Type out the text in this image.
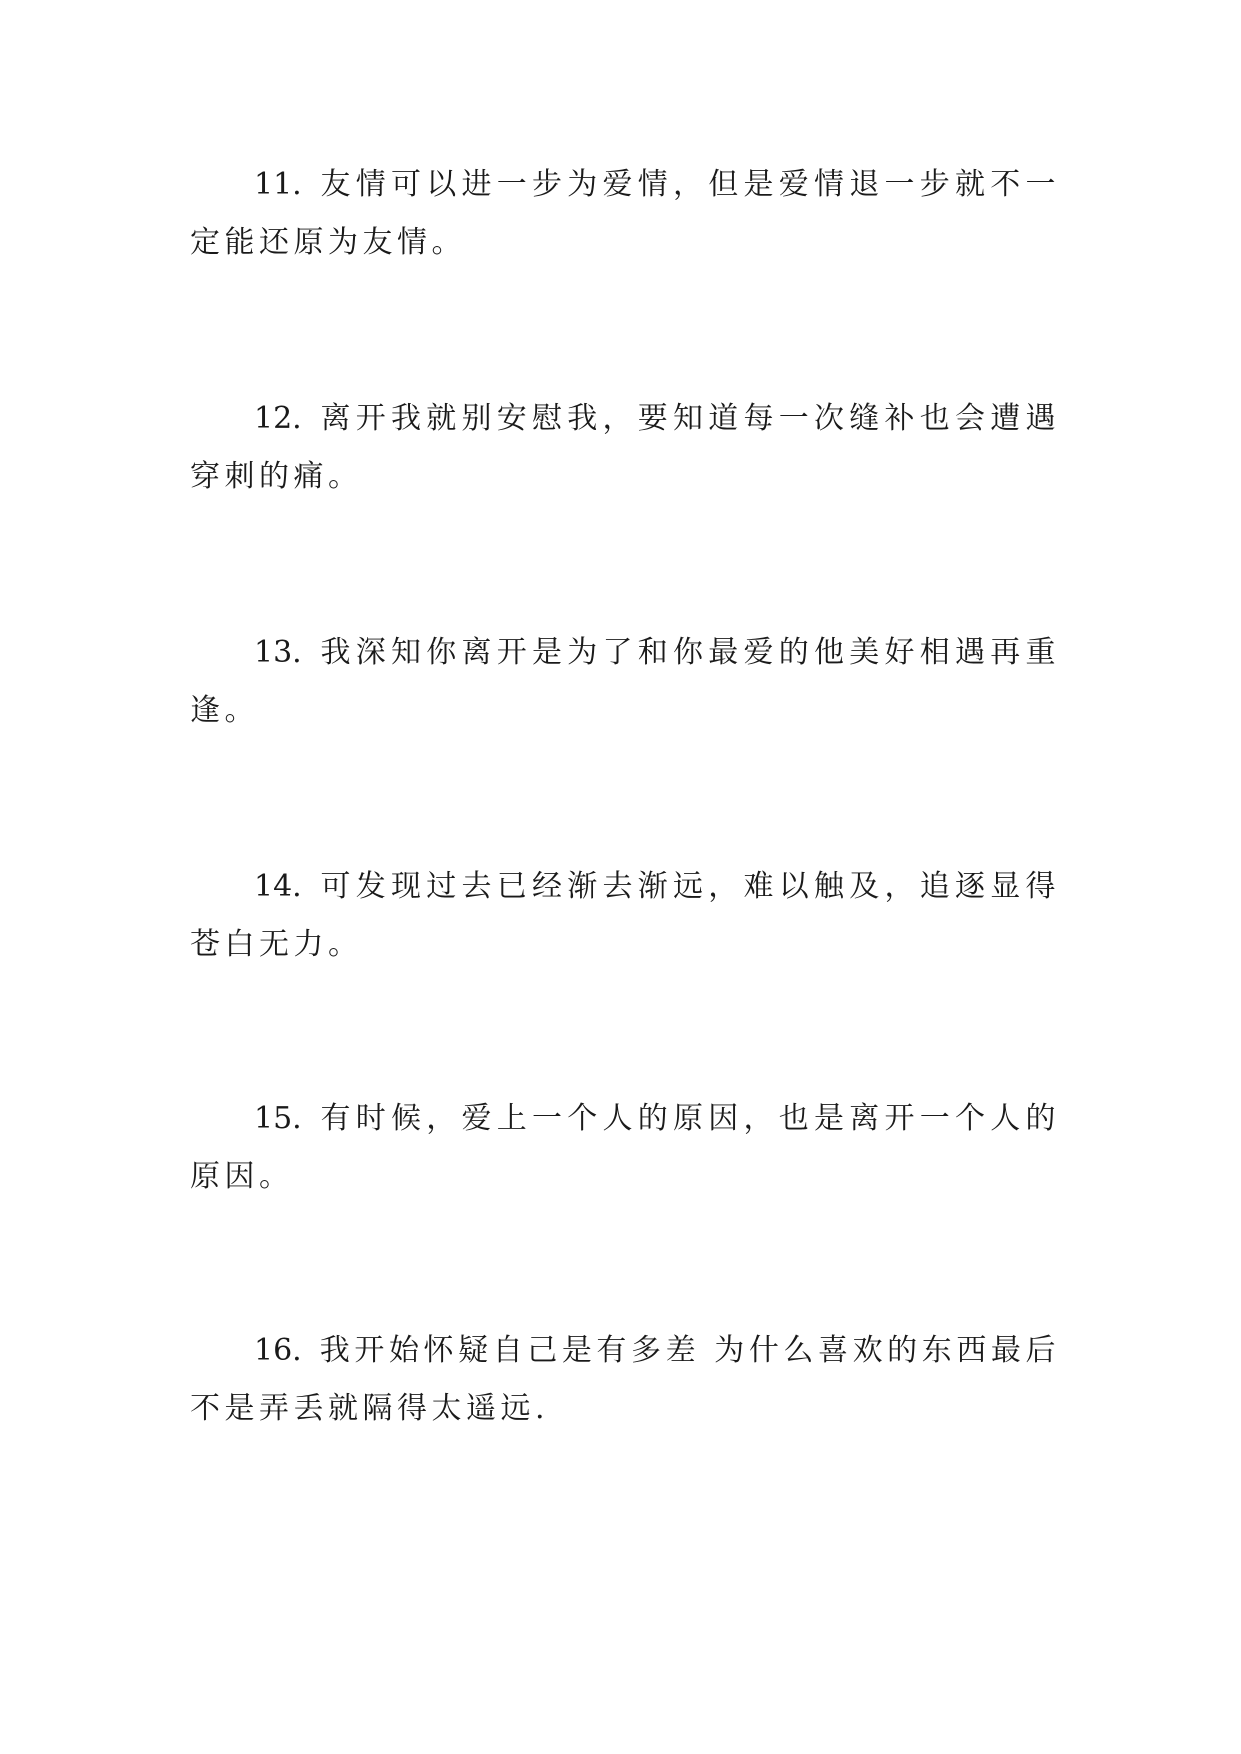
11. 友情可以进一步为爱情，但是爱情退一步就不一定能还原为友情。

12. 离开我就别安慰我，要知道每一次缝补也会遭遇穿刺的痛。

13. 我深知你离开是为了和你最爱的他美好相遇再重逢。

14. 可发现过去已经渐去渐远，难以触及，追逐显得苍白无力。

15. 有时候，爱上一个人的原因，也是离开一个人的原因。

16. 我开始怀疑自己是有多差 为什么喜欢的东西最后不是弄丢就隔得太遥远.
